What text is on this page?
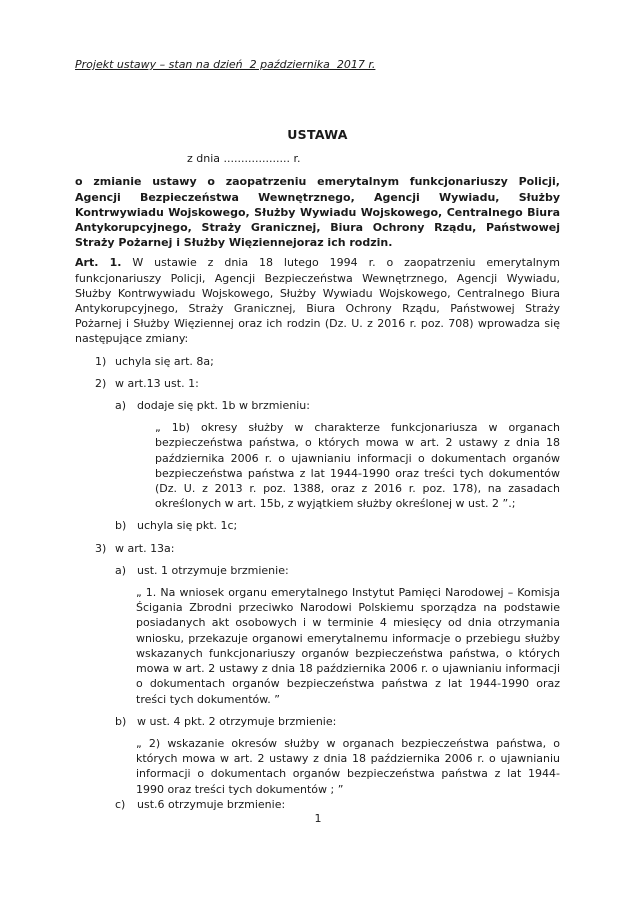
Projekt ustawy – stan na dzień  2 października  2017 r.
USTAWA
z dnia ................... r.

o zmianie ustawy o zaopatrzeniu emerytalnym funkcjonariuszy Policji, Agencji Bezpieczeństwa Wewnętrznego, Agencji Wywiadu, Służby Kontrwywiadu Wojskowego, Służby Wywiadu Wojskowego, Centralnego Biura Antykorupcyjnego, Straży Granicznej, Biura Ochrony Rządu, Państwowej Straży Pożarnej i Służby Więziennejoraz ich rodzin.

Art. 1. W ustawie z dnia 18 lutego 1994 r. o zaopatrzeniu emerytalnym funkcjonariuszy Policji, Agencji Bezpieczeństwa Wewnętrznego, Agencji Wywiadu, Służby Kontrwywiadu Wojskowego, Służby Wywiadu Wojskowego, Centralnego Biura Antykorupcyjnego, Straży Granicznej, Biura Ochrony Rządu, Państwowej Straży Pożarnej i Służby Więziennej oraz ich rodzin (Dz. U. z 2016 r. poz. 708) wprowadza się następujące zmiany:

1) uchyla się art. 8a;
2) w art.13 ust. 1:
a) dodaje się pkt. 1b w brzmieniu:
„ 1b) okresy służby w charakterze funkcjonariusza w organach bezpieczeństwa państwa, o których mowa w art. 2 ustawy z dnia 18 października 2006 r. o ujawnianiu informacji o dokumentach organów bezpieczeństwa państwa z lat 1944-1990 oraz treści tych dokumentów (Dz. U. z 2013 r. poz. 1388, oraz z 2016 r. poz. 178), na zasadach określonych w art. 15b, z wyjątkiem służby określonej w ust. 2 ”.;
b) uchyla się pkt. 1c;
3) w art. 13a:
a) ust. 1 otrzymuje brzmienie:
„ 1. Na wniosek organu emerytalnego Instytut Pamięci Narodowej – Komisja Ścigania Zbrodni przeciwko Narodowi Polskiemu sporządza na podstawie posiadanych akt osobowych i w terminie 4 miesięcy od dnia otrzymania wniosku, przekazuje organowi emerytalnemu informacje o przebiegu służby wskazanych funkcjonariuszy organów bezpieczeństwa państwa, o których mowa w art. 2 ustawy z dnia 18 października 2006 r. o ujawnianiu informacji o dokumentach organów bezpieczeństwa państwa z lat 1944-1990 oraz treści tych dokumentów. ”
b) w ust. 4 pkt. 2 otrzymuje brzmienie:
„ 2) wskazanie okresów służby w organach bezpieczeństwa państwa, o których mowa w art. 2 ustawy z dnia 18 października 2006 r. o ujawnianiu informacji o dokumentach organów bezpieczeństwa państwa z lat 1944-1990 oraz treści tych dokumentów ; ”
c)	ust.6 otrzymuje brzmienie:
1
